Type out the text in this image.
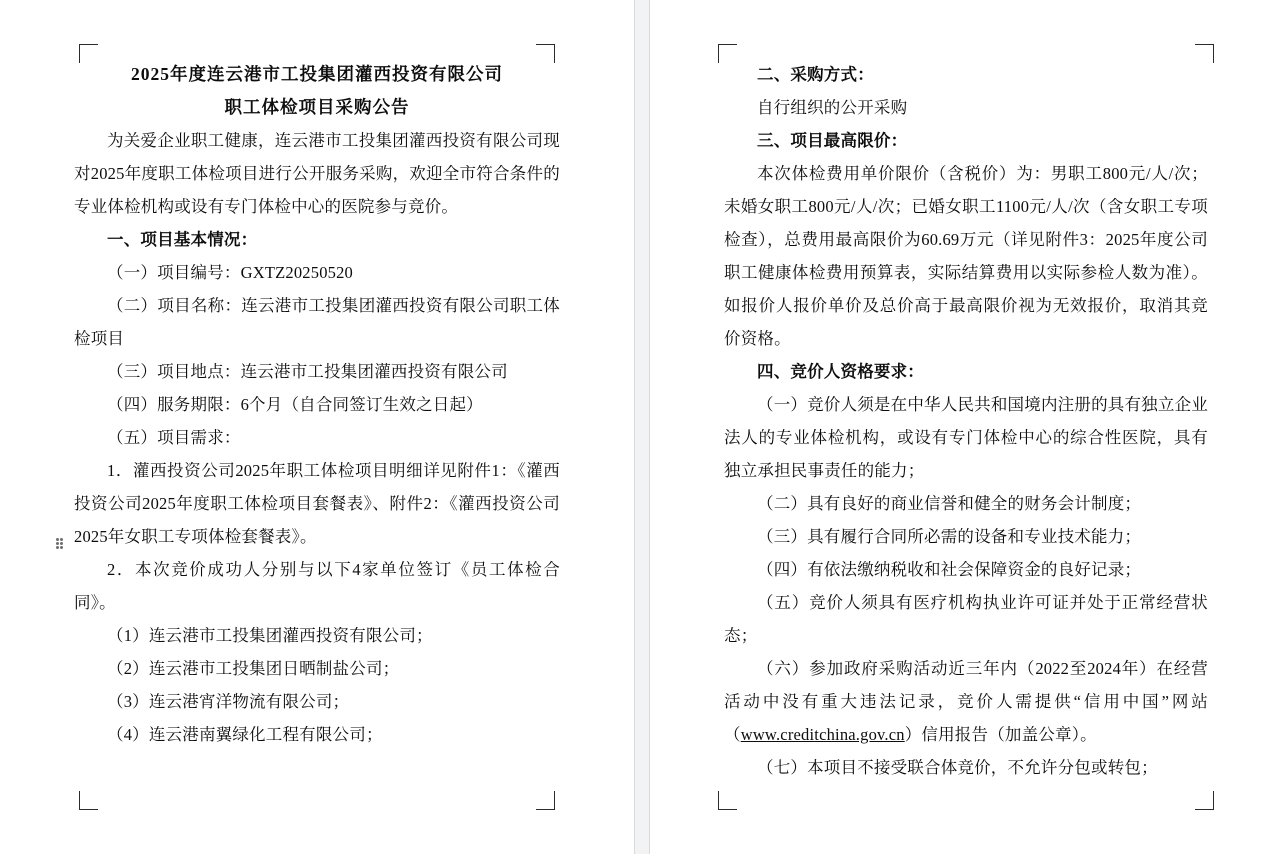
2025年度连云港市工投集团灌西投资有限公司

职工体检项目采购公告

为关爱企业职工健康，连云港市工投集团灌西投资有限公司现对2025年度职工体检项目进行公开服务采购，欢迎全市符合条件的专业体检机构或设有专门体检中心的医院参与竞价。

一、项目基本情况：

（一）项目编号：GXTZ20250520

（二）项目名称：连云港市工投集团灌西投资有限公司职工体检项目

（三）项目地点：连云港市工投集团灌西投资有限公司

（四）服务期限：6个月（自合同签订生效之日起）

（五）项目需求：

1．灌西投资公司2025年职工体检项目明细详见附件1：《灌西投资公司2025年度职工体检项目套餐表》、附件2：《灌西投资公司2025年女职工专项体检套餐表》。

2．本次竞价成功人分别与以下4家单位签订《员工体检合同》。

（1）连云港市工投集团灌西投资有限公司；

（2）连云港市工投集团日晒制盐公司；

（3）连云港宵洋物流有限公司；

（4）连云港南翼绿化工程有限公司；

二、采购方式：

自行组织的公开采购

三、项目最高限价：

本次体检费用单价限价（含税价）为：男职工800元/人/次；未婚女职工800元/人/次；已婚女职工1100元/人/次（含女职工专项检查），总费用最高限价为60.69万元（详见附件3：2025年度公司职工健康体检费用预算表，实际结算费用以实际参检人数为准）。如报价人报价单价及总价高于最高限价视为无效报价，取消其竞价资格。

四、竞价人资格要求：

（一）竞价人须是在中华人民共和国境内注册的具有独立企业法人的专业体检机构，或设有专门体检中心的综合性医院，具有独立承担民事责任的能力；

（二）具有良好的商业信誉和健全的财务会计制度；

（三）具有履行合同所必需的设备和专业技术能力；

（四）有依法缴纳税收和社会保障资金的良好记录；

（五）竞价人须具有医疗机构执业许可证并处于正常经营状态；

（六）参加政府采购活动近三年内（2022至2024年）在经营活动中没有重大违法记录，竞价人需提供“信用中国”网站（www.creditchina.gov.cn）信用报告（加盖公章）。

（七）本项目不接受联合体竞价，不允许分包或转包；
